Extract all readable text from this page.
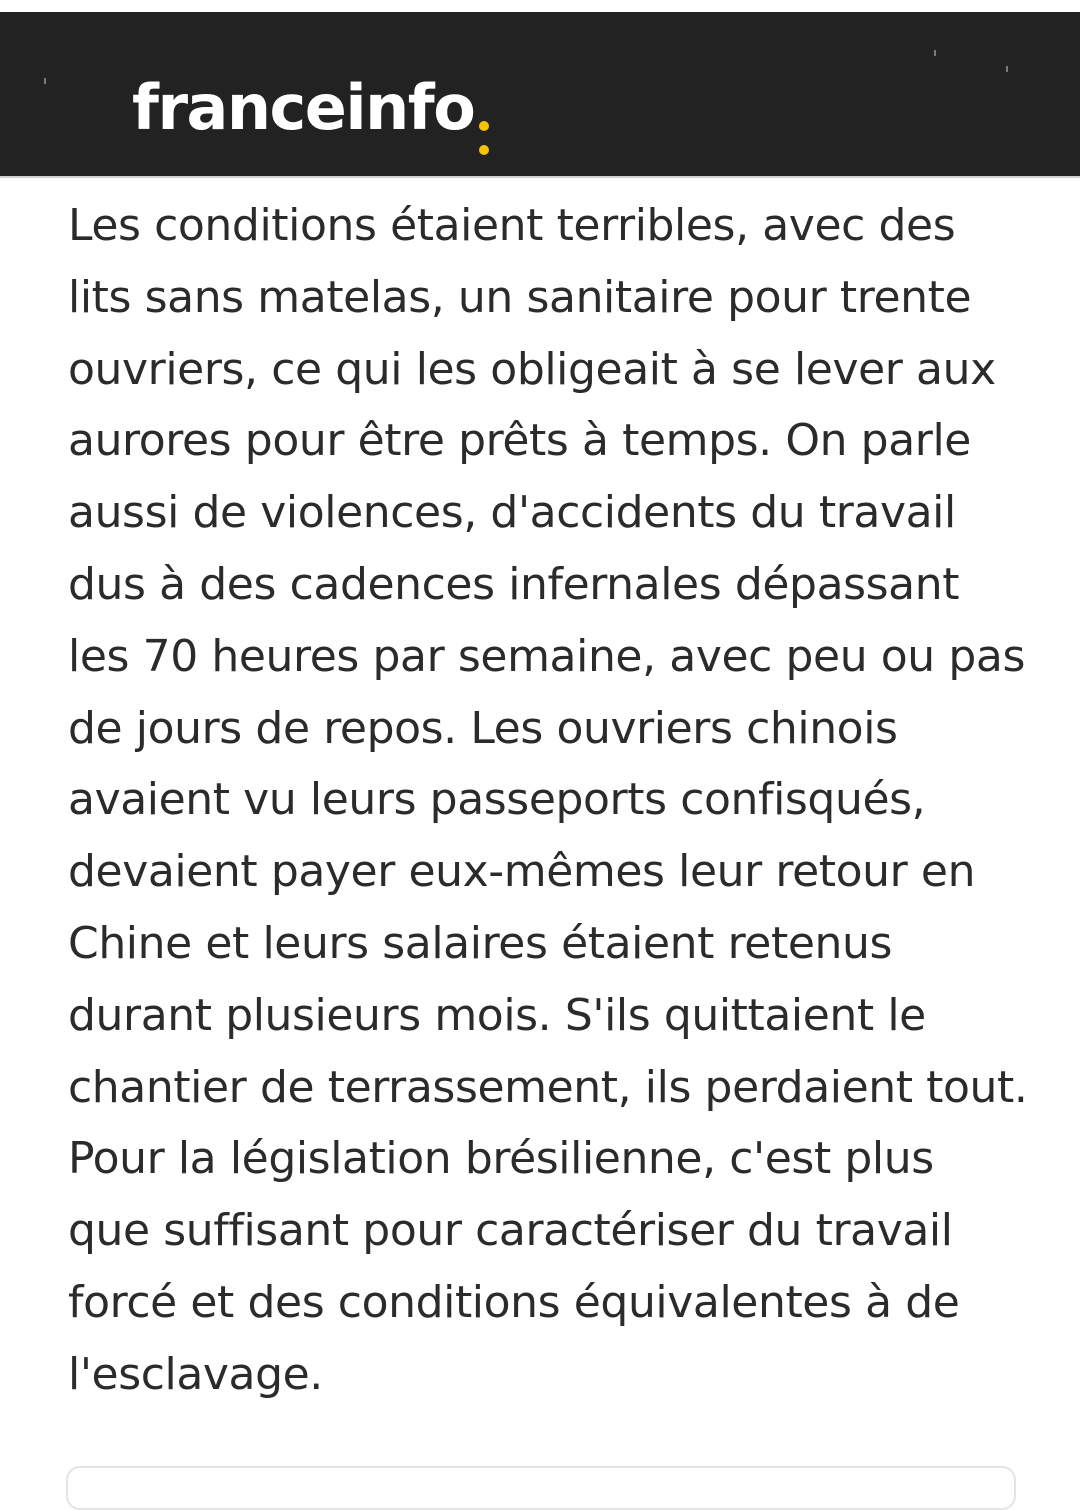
franceinfo

Les conditions étaient terribles, avec des lits sans matelas, un sanitaire pour trente ouvriers, ce qui les obligeait à se lever aux aurores pour être prêts à temps. On parle aussi de violences, d'accidents du travail dus à des cadences infernales dépassant les 70 heures par semaine, avec peu ou pas de jours de repos. Les ouvriers chinois avaient vu leurs passeports confisqués, devaient payer eux-mêmes leur retour en Chine et leurs salaires étaient retenus durant plusieurs mois. S'ils quittaient le chantier de terrassement, ils perdaient tout. Pour la législation brésilienne, c'est plus que suffisant pour caractériser du travail forcé et des conditions équivalentes à de l'esclavage.
